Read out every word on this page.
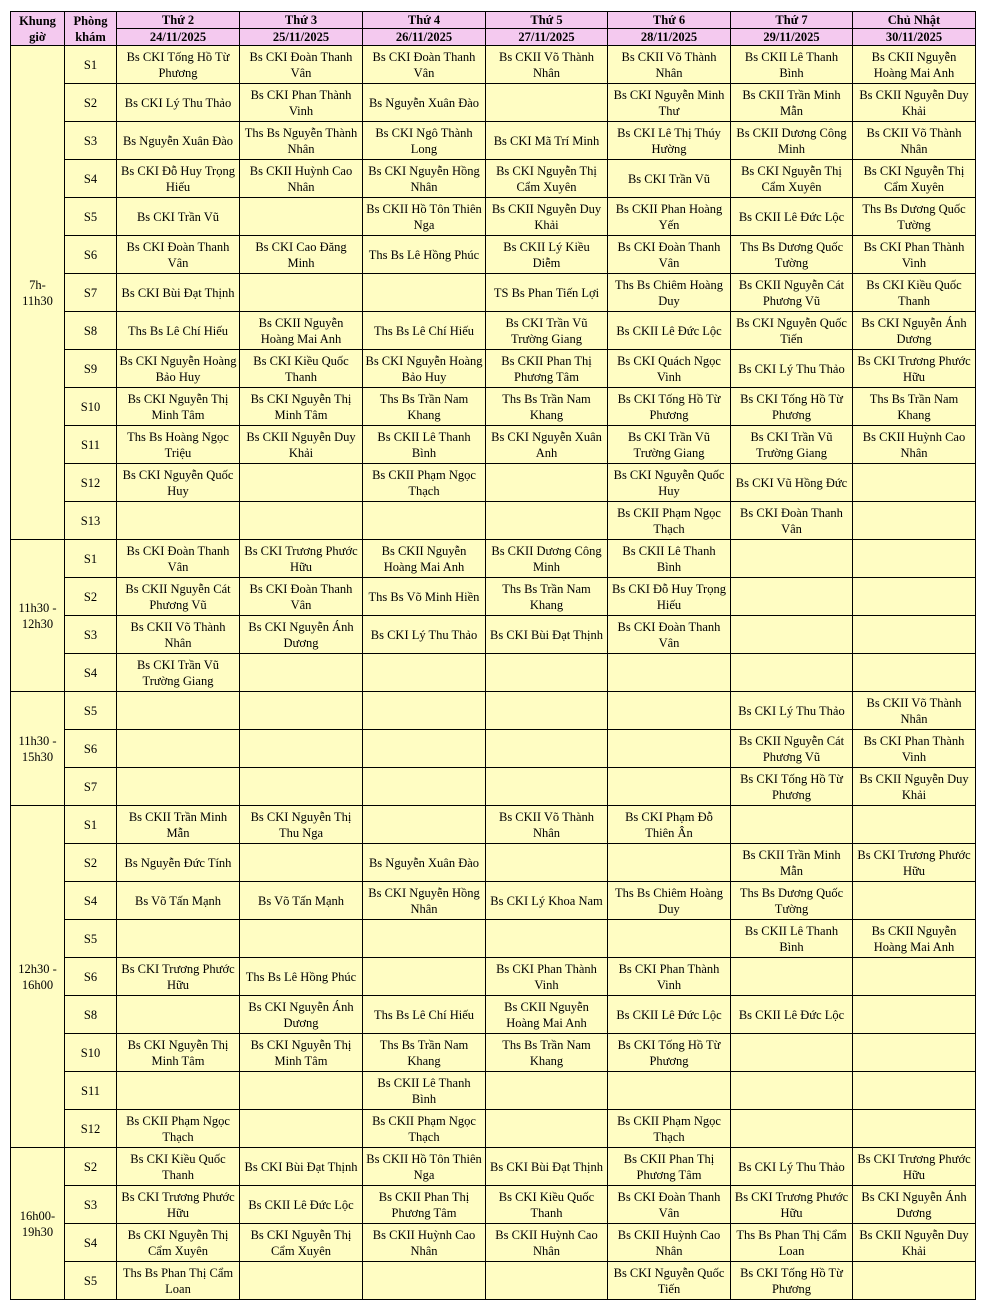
Khung giờ	Phòng khám	Thứ 2	Thứ 3	Thứ 4	Thứ 5	Thứ 6	Thứ 7	Chủ Nhật
		24/11/2025	25/11/2025	26/11/2025	27/11/2025	28/11/2025	29/11/2025	30/11/2025
7h-
11h30	S1	Bs CKI Tống Hồ Từ Phương	Bs CKI Đoàn Thanh Vân	Bs CKI Đoàn Thanh Vân	Bs CKII Võ Thành Nhân	Bs CKII Võ Thành Nhân	Bs CKII Lê Thanh Bình	Bs CKII Nguyễn Hoàng Mai Anh
	S2	Bs CKI Lý Thu Thảo	Bs CKI Phan Thành Vinh	Bs Nguyễn Xuân Đào		Bs CKI Nguyễn Minh Thư	Bs CKII Trần Minh Mẫn	Bs CKII Nguyễn Duy Khải
	S3	Bs Nguyễn Xuân Đào	Ths Bs Nguyễn Thành Nhân	Bs CKI Ngô Thành Long	Bs CKI Mã Trí Minh	Bs CKI Lê Thị Thúy Hường	Bs CKII Dương Công Minh	Bs CKII Võ Thành Nhân
	S4	Bs CKI Đỗ Huy Trọng Hiếu	Bs CKII Huỳnh Cao Nhân	Bs CKI Nguyễn Hồng Nhân	Bs CKI Nguyễn Thị Cẩm Xuyên	Bs CKI Trần Vũ	Bs CKI Nguyễn Thị Cẩm Xuyên	Bs CKI Nguyễn Thị Cẩm Xuyên
	S5	Bs CKI Trần Vũ		Bs CKII Hồ Tôn Thiên Nga	Bs CKII Nguyễn Duy Khải	Bs CKII Phan Hoàng Yến	Bs CKII Lê Đức Lộc	Ths Bs Dương Quốc Tường
	S6	Bs CKI Đoàn Thanh Vân	Bs CKI Cao Đăng Minh	Ths Bs Lê Hồng Phúc	Bs CKII Lý Kiều Diễm	Bs CKI Đoàn Thanh Vân	Ths Bs Dương Quốc Tường	Bs CKI Phan Thành Vinh
	S7	Bs CKI Bùi Đạt Thịnh			TS Bs Phan Tiến Lợi	Ths Bs Chiêm Hoàng Duy	Bs CKII Nguyễn Cát Phương Vũ	Bs CKI Kiều Quốc Thanh
	S8	Ths Bs Lê Chí Hiếu	Bs CKII Nguyễn Hoàng Mai Anh	Ths Bs Lê Chí Hiếu	Bs CKI Trần Vũ Trường Giang	Bs CKII Lê Đức Lộc	Bs CKI Nguyễn Quốc Tiến	Bs CKI Nguyễn Ánh Dương
	S9	Bs CKI Nguyễn Hoàng Bảo Huy	Bs CKI Kiều Quốc Thanh	Bs CKI Nguyễn Hoàng Bảo Huy	Bs CKII Phan Thị Phương Tâm	Bs CKI Quách Ngọc Vinh	Bs CKI Lý Thu Thảo	Bs CKI Trương Phước Hữu
	S10	Bs CKI Nguyễn Thị Minh Tâm	Bs CKI Nguyễn Thị Minh Tâm	Ths Bs Trần Nam Khang	Ths Bs Trần Nam Khang	Bs CKI Tống Hồ Từ Phương	Bs CKI Tống Hồ Từ Phương	Ths Bs Trần Nam Khang
	S11	Ths Bs Hoàng Ngọc Triệu	Bs CKII Nguyễn Duy Khải	Bs CKII Lê Thanh Bình	Bs CKI Nguyễn Xuân Anh	Bs CKI Trần Vũ Trường Giang	Bs CKI Trần Vũ Trường Giang	Bs CKII Huỳnh Cao Nhân
	S12	Bs CKI Nguyễn Quốc Huy		Bs CKII Phạm Ngọc Thạch		Bs CKI Nguyễn Quốc Huy	Bs CKI Vũ Hồng Đức	
	S13					Bs CKII Phạm Ngọc Thạch	Bs CKI Đoàn Thanh Vân	
11h30 -
12h30	S1	Bs CKI Đoàn Thanh Vân	Bs CKI Trương Phước Hữu	Bs CKII Nguyễn Hoàng Mai Anh	Bs CKII Dương Công Minh	Bs CKII Lê Thanh Bình		
	S2	Bs CKII Nguyễn Cát Phương Vũ	Bs CKI Đoàn Thanh Vân	Ths Bs Võ Minh Hiền	Ths Bs Trần Nam Khang	Bs CKI Đỗ Huy Trọng Hiếu		
	S3	Bs CKII Võ Thành Nhân	Bs CKI Nguyễn Ánh Dương	Bs CKI Lý Thu Thảo	Bs CKI Bùi Đạt Thịnh	Bs CKI Đoàn Thanh Vân		
	S4	Bs CKI Trần Vũ Trường Giang						
11h30 -
15h30	S5						Bs CKI Lý Thu Thảo	Bs CKII Võ Thành Nhân
	S6						Bs CKII Nguyễn Cát Phương Vũ	Bs CKI Phan Thành Vinh
	S7						Bs CKI Tống Hồ Từ Phương	Bs CKII Nguyễn Duy Khải
12h30 -
16h00	S1	Bs CKII Trần Minh Mẫn	Bs CKI Nguyễn Thị Thu Nga		Bs CKII Võ Thành Nhân	Bs CKI Phạm Đỗ Thiên Ân		
	S2	Bs Nguyễn Đức Tính		Bs Nguyễn Xuân Đào			Bs CKII Trần Minh Mẫn	Bs CKI Trương Phước Hữu
	S4	Bs Võ Tấn Mạnh	Bs Võ Tấn Mạnh	Bs CKI Nguyễn Hồng Nhân	Bs CKI Lý Khoa Nam	Ths Bs Chiêm Hoàng Duy	Ths Bs Dương Quốc Tường	
	S5						Bs CKII Lê Thanh Bình	Bs CKII Nguyễn Hoàng Mai Anh
	S6	Bs CKI Trương Phước Hữu	Ths Bs Lê Hồng Phúc		Bs CKI Phan Thành Vinh	Bs CKI Phan Thành Vinh		
	S8		Bs CKI Nguyễn Ánh Dương	Ths Bs Lê Chí Hiếu	Bs CKII Nguyễn Hoàng Mai Anh	Bs CKII Lê Đức Lộc	Bs CKII Lê Đức Lộc	
	S10	Bs CKI Nguyễn Thị Minh Tâm	Bs CKI Nguyễn Thị Minh Tâm	Ths Bs Trần Nam Khang	Ths Bs Trần Nam Khang	Bs CKI Tống Hồ Từ Phương		
	S11			Bs CKII Lê Thanh Bình				
	S12	Bs CKII Phạm Ngọc Thạch		Bs CKII Phạm Ngọc Thạch		Bs CKII Phạm Ngọc Thạch		
16h00-
19h30	S2	Bs CKI Kiều Quốc Thanh	Bs CKI Bùi Đạt Thịnh	Bs CKII Hồ Tôn Thiên Nga	Bs CKI Bùi Đạt Thịnh	Bs CKII Phan Thị Phương Tâm	Bs CKI Lý Thu Thảo	Bs CKI Trương Phước Hữu
	S3	Bs CKI Trương Phước Hữu	Bs CKII Lê Đức Lộc	Bs CKII Phan Thị Phương Tâm	Bs CKI Kiều Quốc Thanh	Bs CKI Đoàn Thanh Vân	Bs CKI Trương Phước Hữu	Bs CKI Nguyễn Ánh Dương
	S4	Bs CKI Nguyễn Thị Cẩm Xuyên	Bs CKI Nguyễn Thị Cẩm Xuyên	Bs CKII Huỳnh Cao Nhân	Bs CKII Huỳnh Cao Nhân	Bs CKII Huỳnh Cao Nhân	Ths Bs Phan Thị Cẩm Loan	Bs CKII Nguyễn Duy Khải
	S5	Ths Bs Phan Thị Cẩm Loan				Bs CKI Nguyễn Quốc Tiến	Bs CKI Tống Hồ Từ Phương	
